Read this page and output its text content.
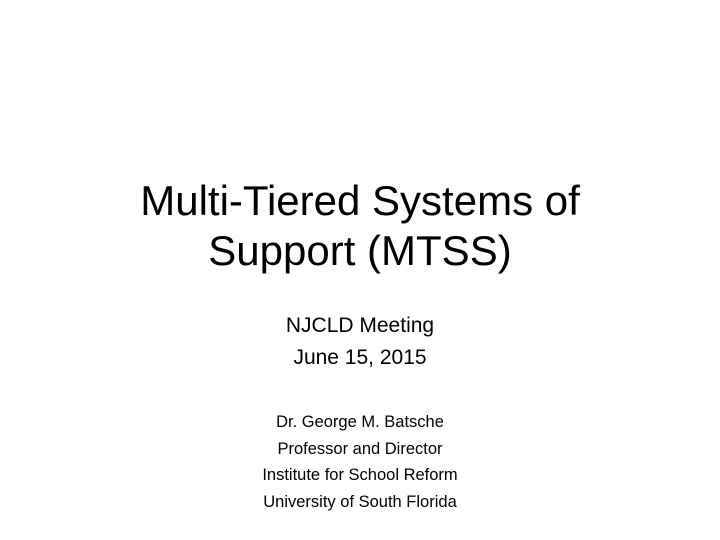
Multi-Tiered Systems of
Support (MTSS)
NJCLD Meeting
June 15, 2015
Dr. George M. Batsche
Professor and Director
Institute for School Reform
University of South Florida
